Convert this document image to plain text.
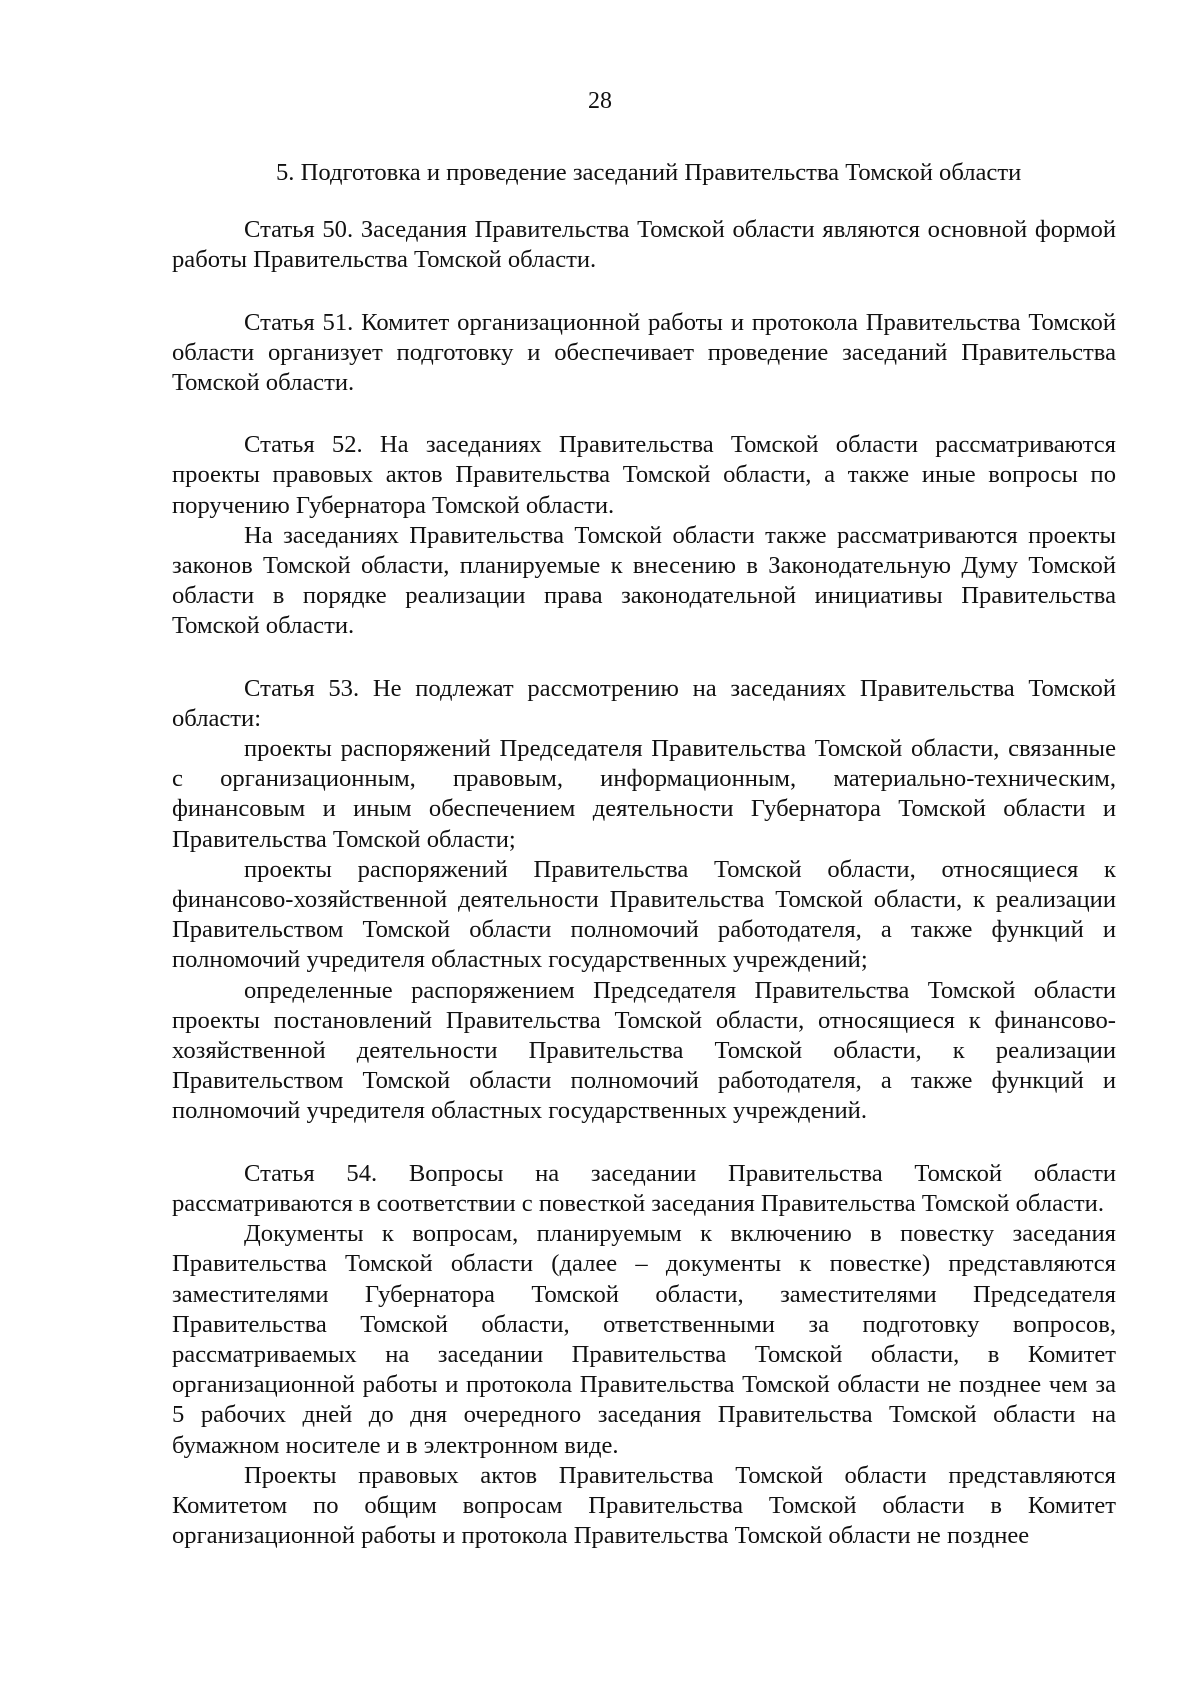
28

5. Подготовка и проведение заседаний Правительства Томской области

Статья 50. Заседания Правительства Томской области являются основной формой работы Правительства Томской области.

Статья 51. Комитет организационной работы и протокола Правительства Томской области организует подготовку и обеспечивает проведение заседаний Правительства Томской области.

Статья 52. На заседаниях Правительства Томской области рассматриваются проекты правовых актов Правительства Томской области, а также иные вопросы по поручению Губернатора Томской области.

На заседаниях Правительства Томской области также рассматриваются проекты законов Томской области, планируемые к внесению в Законодательную Думу Томской области в порядке реализации права законодательной инициативы Правительства Томской области.

Статья 53. Не подлежат рассмотрению на заседаниях Правительства Томской области:

проекты распоряжений Председателя Правительства Томской области, связанные с организационным, правовым, информационным, материально-техническим, финансовым и иным обеспечением деятельности Губернатора Томской области и Правительства Томской области;

проекты распоряжений Правительства Томской области, относящиеся к финансово-хозяйственной деятельности Правительства Томской области, к реализации Правительством Томской области полномочий работодателя, а также функций и полномочий учредителя областных государственных учреждений;

определенные распоряжением Председателя Правительства Томской области проекты постановлений Правительства Томской области, относящиеся к финансово-хозяйственной деятельности Правительства Томской области, к реализации Правительством Томской области полномочий работодателя, а также функций и полномочий учредителя областных государственных учреждений.

Статья 54. Вопросы на заседании Правительства Томской области рассматриваются в соответствии с повесткой заседания Правительства Томской области.

Документы к вопросам, планируемым к включению в повестку заседания Правительства Томской области (далее – документы к повестке) представляются заместителями Губернатора Томской области, заместителями Председателя Правительства Томской области, ответственными за подготовку вопросов, рассматриваемых на заседании Правительства Томской области, в Комитет организационной работы и протокола Правительства Томской области не позднее чем за 5 рабочих дней до дня очередного заседания Правительства Томской области на бумажном носителе и в электронном виде.

Проекты правовых актов Правительства Томской области представляются Комитетом по общим вопросам Правительства Томской области в Комитет организационной работы и протокола Правительства Томской области не позднее
